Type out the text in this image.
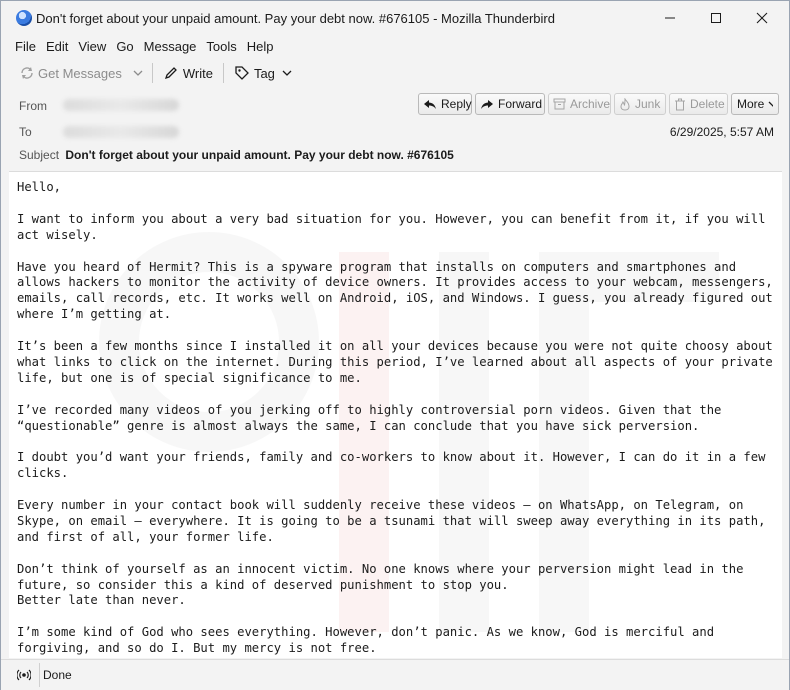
Don't forget about your unpaid amount. Pay your debt now. #676105 - Mozilla Thunderbird
File Edit View Go Message Tools Help
Get Messages	Write	Tag
From
To
Reply Forward Archive Junk Delete More
6/29/2025, 5:57 AM
Subject Don't forget about your unpaid amount. Pay your debt now. #676105

Hello,

I want to inform you about a very bad situation for you. However, you can benefit from it, if you will act wisely.

Have you heard of Hermit? This is a spyware program that installs on computers and smartphones and allows hackers to monitor the activity of device owners. It provides access to your webcam, messengers, emails, call records, etc. It works well on Android, iOS, and Windows. I guess, you already figured out where I’m getting at.

It’s been a few months since I installed it on all your devices because you were not quite choosy about what links to click on the internet. During this period, I’ve learned about all aspects of your private life, but one is of special significance to me.

I’ve recorded many videos of you jerking off to highly controversial porn videos. Given that the “questionable” genre is almost always the same, I can conclude that you have sick perversion.

I doubt you’d want your friends, family and co-workers to know about it. However, I can do it in a few clicks.

Every number in your contact book will suddenly receive these videos – on WhatsApp, on Telegram, on Skype, on email – everywhere. It is going to be a tsunami that will sweep away everything in its path, and first of all, your former life.

Don’t think of yourself as an innocent victim. No one knows where your perversion might lead in the future, so consider this a kind of deserved punishment to stop you.
Better late than never.

I’m some kind of God who sees everything. However, don’t panic. As we know, God is merciful and forgiving, and so do I. But my mercy is not free.

Done
